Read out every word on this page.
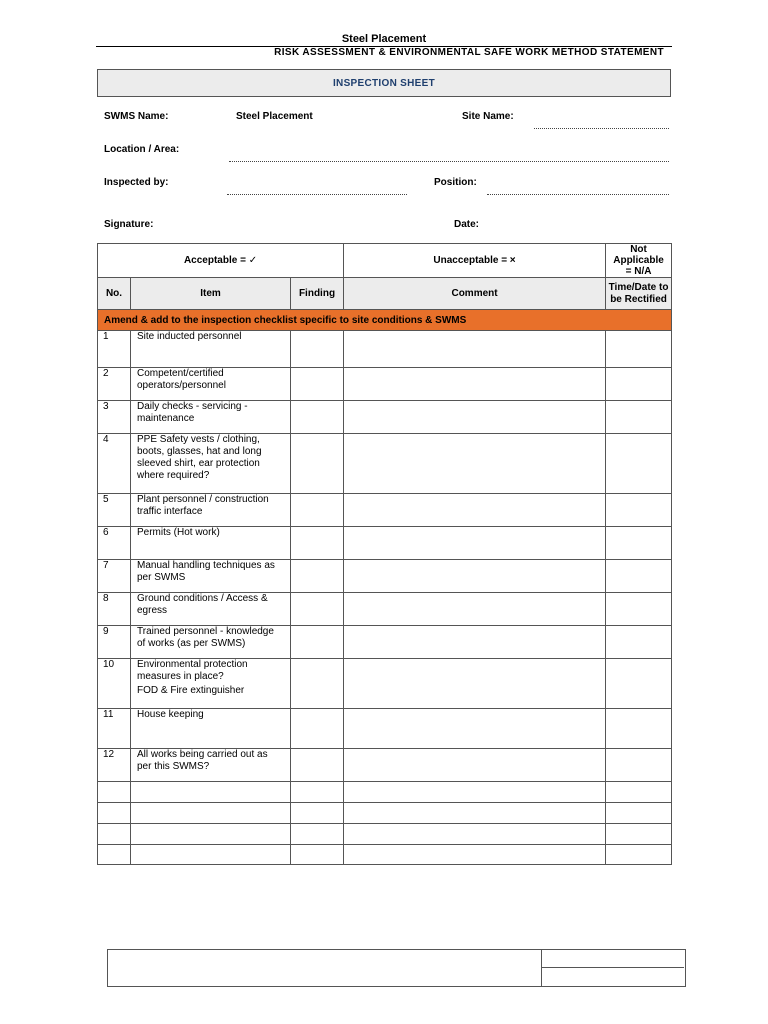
Steel Placement
RISK ASSESSMENT & ENVIRONMENTAL SAFE WORK METHOD STATEMENT
INSPECTION SHEET
SWMS Name:	Steel Placement	Site Name:
Location / Area:
Inspected by:	Position:
Signature:	Date:
Acceptable = ✓			Unacceptable = ×	Not Applicable = N/A
No.	Item	Finding	Comment	Time/Date to be Rectified
Amend & add to the inspection checklist specific to site conditions & SWMS				
1	Site inducted personnel			

2	Competent/certified operators/personnel			

3	Daily checks - servicing - maintenance			

4	PPE Safety vests / clothing, boots, glasses, hat and long sleeved shirt, ear protection where required?			

5	Plant personnel / construction traffic interface			

6	Permits (Hot work)			

7	Manual handling techniques as per SWMS			

8	Ground conditions / Access & egress			

9	Trained personnel - knowledge of works (as per SWMS)			

10	Environmental protection measures in place?
FOD & Fire extinguisher			

11	House keeping			

12	All works being carried out as per this SWMS?			
